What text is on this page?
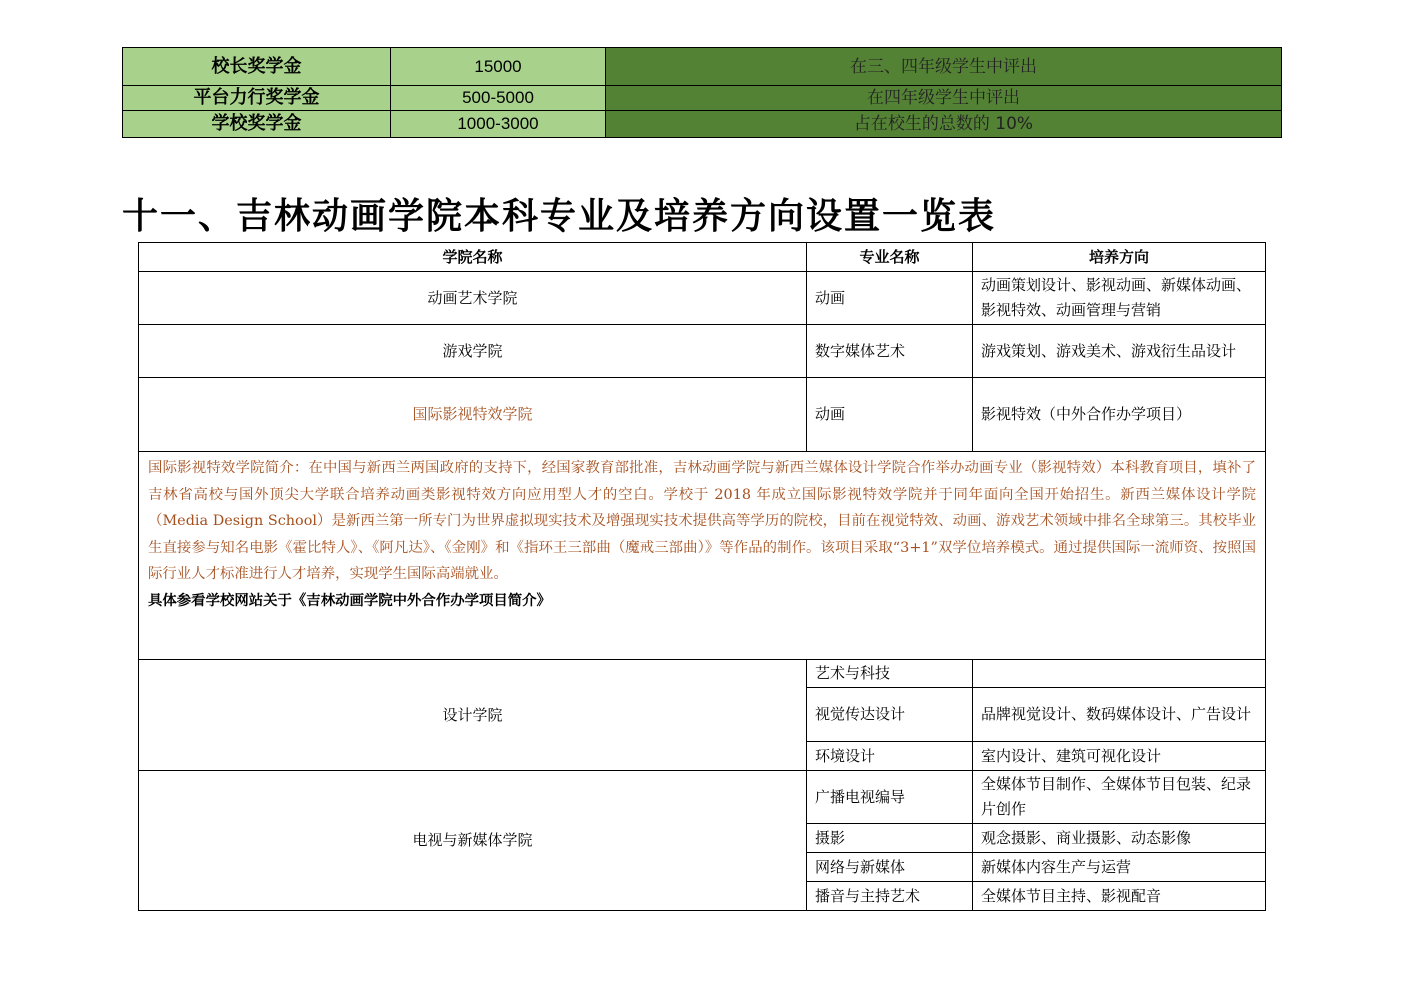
校长奖学金	15000	在三、四年级学生中评出
平台力行奖学金	500-5000	在四年级学生中评出
学校奖学金	1000-3000	占在校生的总数的 10%
十一、吉林动画学院本科专业及培养方向设置一览表
学院名称	专业名称	培养方向
动画艺术学院	动画	动画策划设计、影视动画、新媒体动画、影视特效、动画管理与营销
游戏学院	数字媒体艺术	游戏策划、游戏美术、游戏衍生品设计
国际影视特效学院	动画	影视特效（中外合作办学项目）

国际影视特效学院简介：在中国与新西兰两国政府的支持下，经国家教育部批准，吉林动画学院与新西兰媒体设计学院合作举办动画专业（影视特效）本科教育项目，填补了吉林省高校与国外顶尖大学联合培养动画类影视特效方向应用型人才的空白。学校于 2018 年成立国际影视特效学院并于同年面向全国开始招生。新西兰媒体设计学院（Media Design School）是新西兰第一所专门为世界虚拟现实技术及增强现实技术提供高等学历的院校，目前在视觉特效、动画、游戏艺术领域中排名全球第三。其校毕业生直接参与知名电影《霍比特人》、《阿凡达》、《金刚》和《指环王三部曲（魔戒三部曲）》等作品的制作。该项目采取“3+1”双学位培养模式。通过提供国际一流师资、按照国际行业人才标准进行人才培养，实现学生国际高端就业。
具体参看学校网站关于《吉林动画学院中外合作办学项目简介》		

设计学院	艺术与科技	
	视觉传达设计	品牌视觉设计、数码媒体设计、广告设计
	环境设计	室内设计、建筑可视化设计
电视与新媒体学院	广播电视编导	全媒体节目制作、全媒体节目包装、纪录片创作
	摄影	观念摄影、商业摄影、动态影像
	网络与新媒体	新媒体内容生产与运营
	播音与主持艺术	全媒体节目主持、影视配音
